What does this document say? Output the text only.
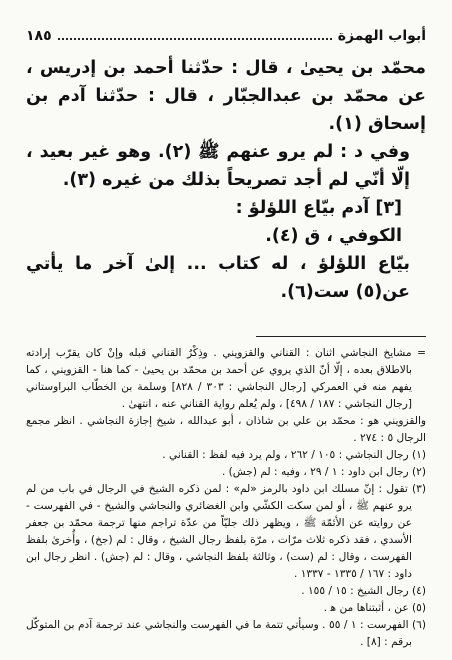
أبواب الهمزة
١٨٥

محمّد بن يحيىٰ ، قال : حدّثنا أحمد بن إدريس ، عن محمّد بن عبدالجبّار ، قال : حدّثنا آدم بن إسحاق (١).

وفي د : لم يرو عنهم ﷺ (٢). وهو غير بعيد ، إلّا أنّي لم أجد تصريحاً بذلك من غيره (٣).

[٣] آدم بيّاع اللؤلؤ :

الكوفي ، ق (٤).

بيّاع اللؤلؤ ، له كتاب ... إلىٰ آخر ما يأتي عن(٥) ست(٦).

= مشايخ النجاشي اثنان : القناني والقزويني . وذِكْرُ القناني قبله وإنْ كان يقرّب إرادته بالاطلاق بعده ، إلّا أنّ الذي يروي عن أحمد بن محمّد بن يحيىٰ - كما هنا - القزويني ، كما يفهم منه في العمركي [رجال النجاشي : ٣٠٣ / ٨٢٨] وسلمة بن الخطّاب البراوستاني [رجال النجاشي : ١٨٧ / ٤٩٨] ، ولم يُعلم رواية القناني عنه ، انتهىٰ .

والقزويني هو : محمّد بن علي بن شاذان ، أبو عبدالله ، شيخ إجازة النجاشي . انظر مجمع الرجال ٥ : ٢٧٤ .

(١) رجال النجاشي : ١٠٥ / ٢٦٢ ، ولم يرد فيه لفظ : القناني .

(٢) رجال ابن داود : ١ / ٢٩ ، وفيه : لم (جش) .

(٣) تقول : إنّ مسلك ابن داود بالرمز «لم» : لمن ذكره الشيخ في الرجال في باب من لم يرو عنهم ﷺ ، أو لمن سكت الكشّي وابن الغضائري والنجاشي والشيخ - في الفهرست - عن روايته عن الأئمّة ﷺ ، ويظهر ذلك جليّاً من عدّة تراجم منها ترجمة محمّد بن جعفر الأسدي ، فقد ذكره ثلاث مرّات ، مرّة بلفظ رجال الشيخ ، وقال : لم (جخ) ، وأُخرىٰ بلفظ الفهرست ، وقال : لم (ست) ، وثالثة بلفظ النجاشي ، وقال : لم (جش) . انظر رجال ابن داود : ١٦٧ / ١٣٣٥ - ١٣٣٧ .

(٤) رجال الشيخ : ١٥ / ١٥٥ .

(٥) عن ، أثبتناها من ﻫ .

(٦) الفهرست : ١ / ٥٥ . وسيأتي تتمة ما في الفهرست والنجاشي عند ترجمة آدم بن المتوكّل برقم : [٨] .
